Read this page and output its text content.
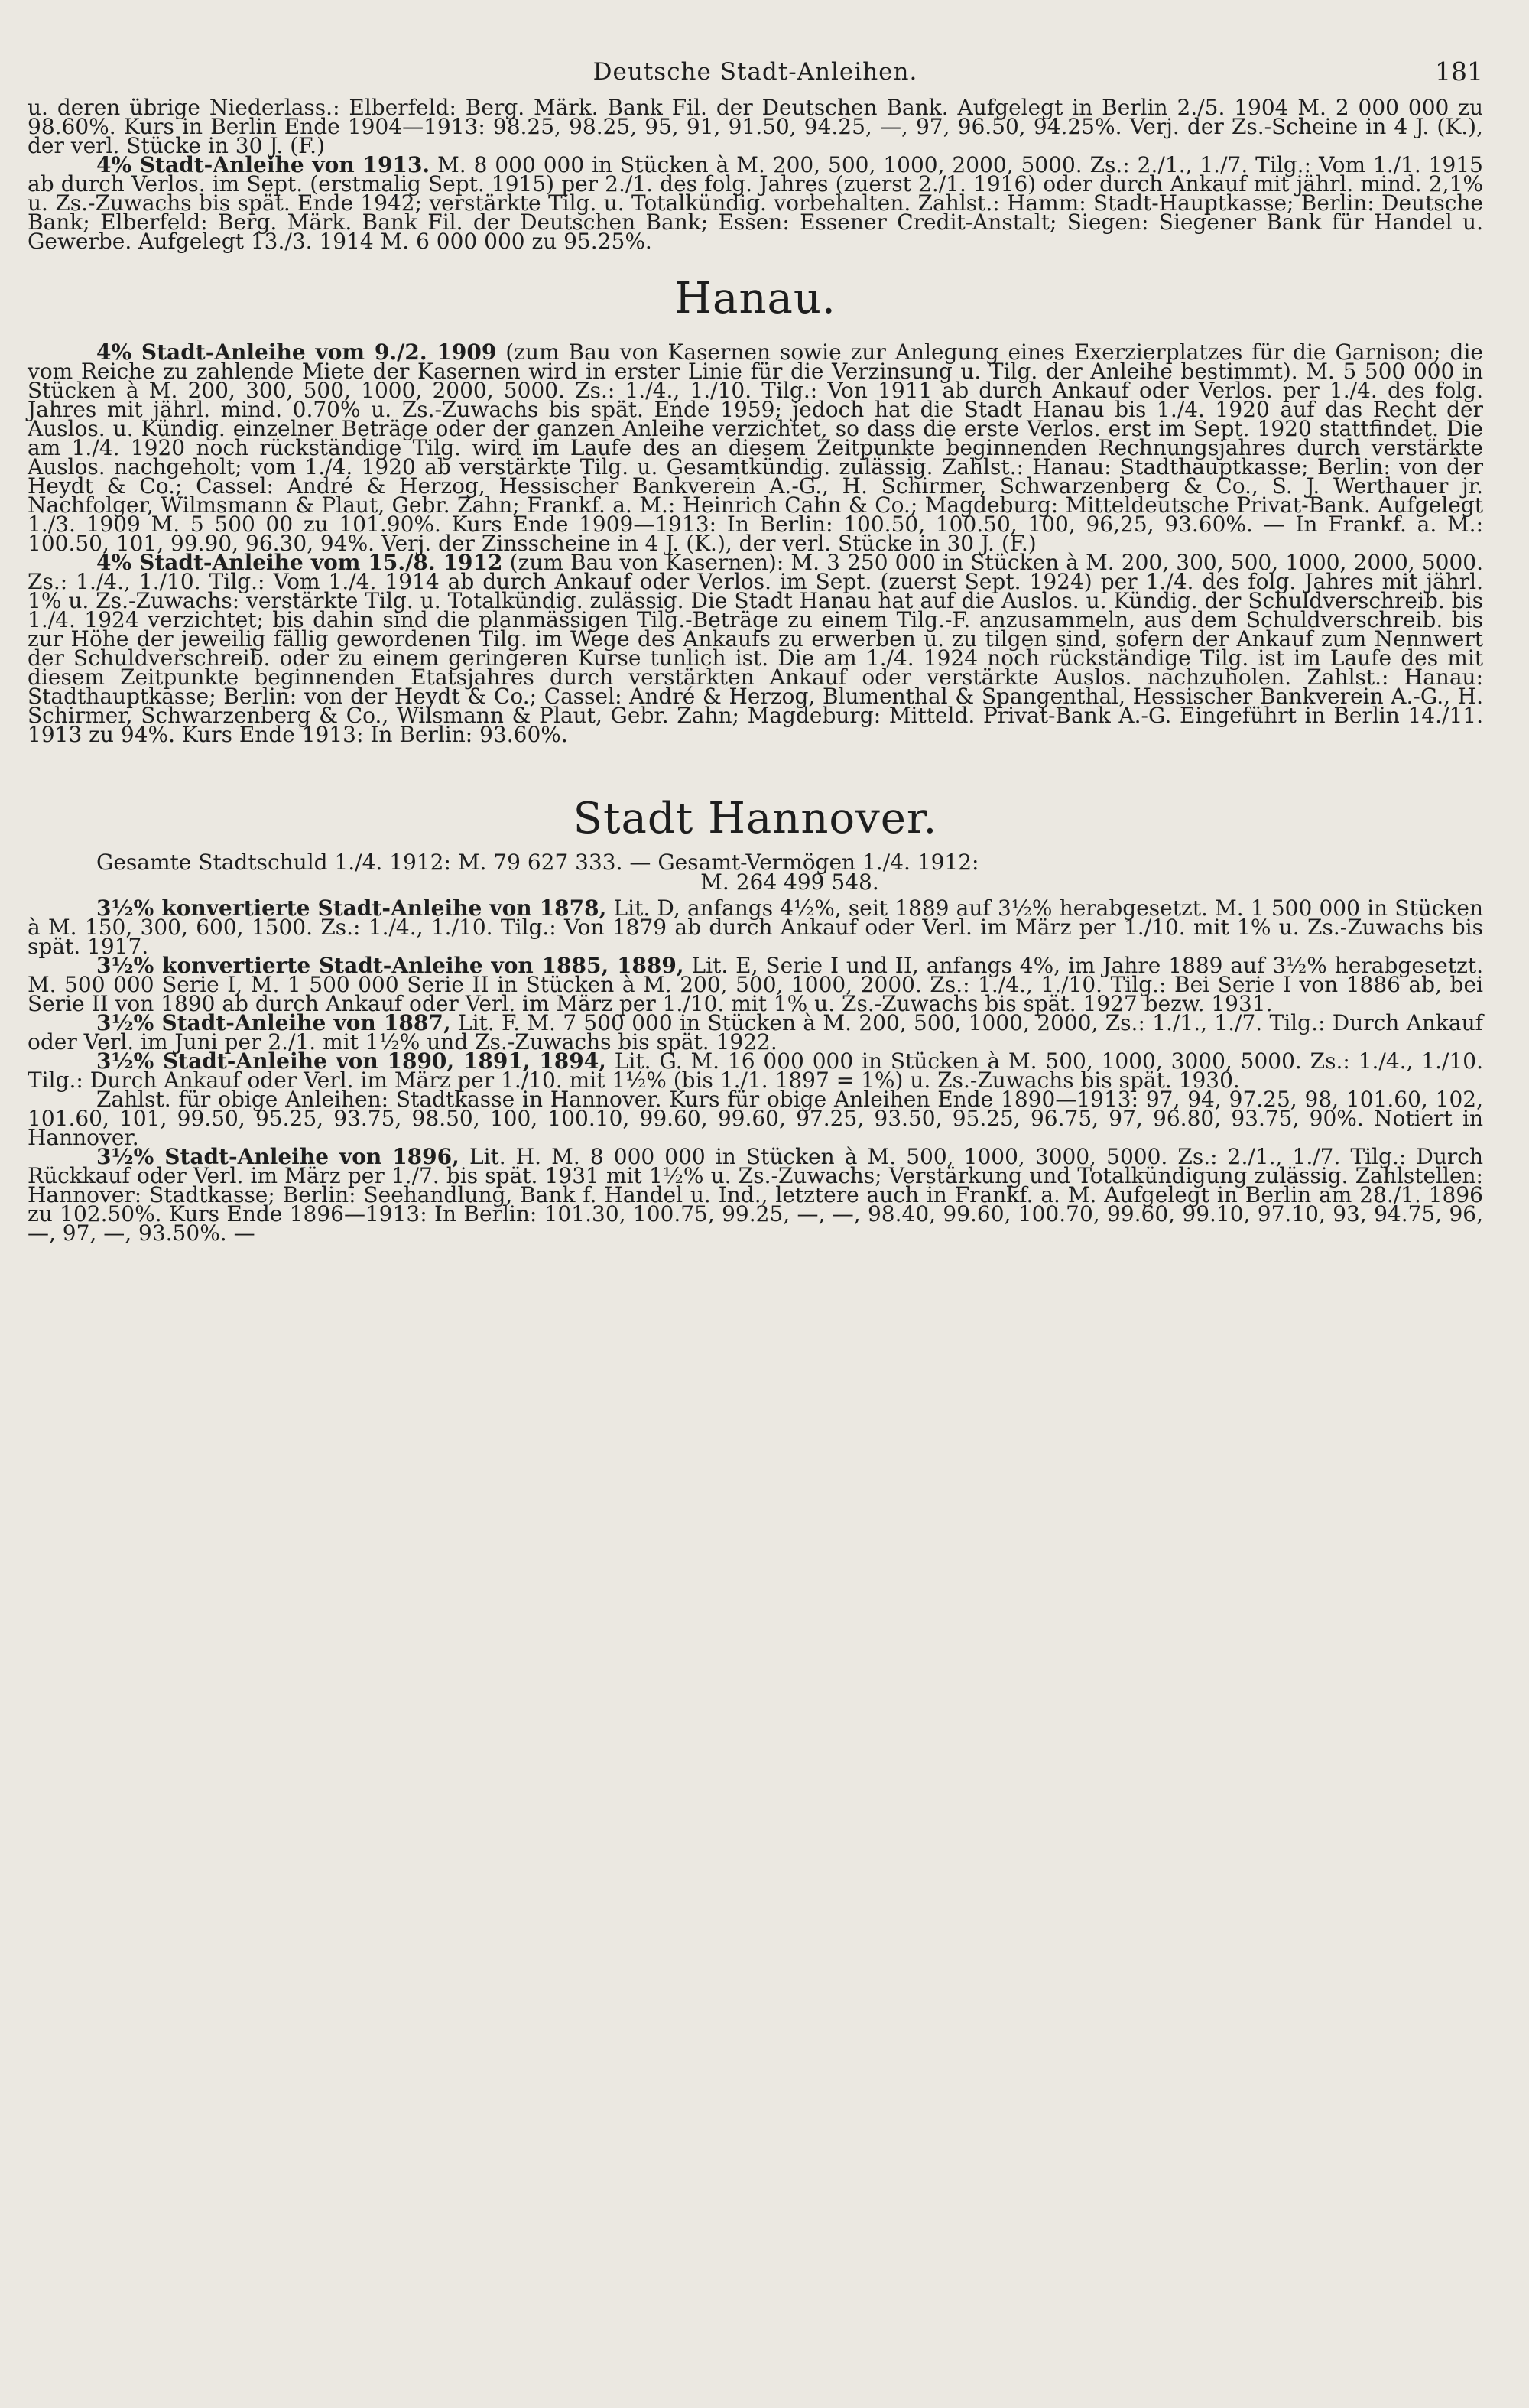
Deutsche Stadt-Anleihen.	181

u. deren übrige Niederlass.: Elberfeld: Berg. Märk. Bank Fil. der Deutschen Bank. Aufgelegt in Berlin 2./5. 1904 M. 2 000 000 zu 98.60%. Kurs in Berlin Ende 1904—1913: 98.25, 98.25, 95, 91, 91.50, 94.25, —, 97, 96.50, 94.25%. Verj. der Zs.-Scheine in 4 J. (K.), der verl. Stücke in 30 J. (F.)

4% Stadt-Anleihe von 1913. M. 8 000 000 in Stücken à M. 200, 500, 1000, 2000, 5000. Zs.: 2./1., 1./7. Tilg.: Vom 1./1. 1915 ab durch Verlos. im Sept. (erstmalig Sept. 1915) per 2./1. des folg. Jahres (zuerst 2./1. 1916) oder durch Ankauf mit jährl. mind. 2,1% u. Zs.-Zuwachs bis spät. Ende 1942; verstärkte Tilg. u. Totalkündig. vorbehalten. Zahlst.: Hamm: Stadt-Hauptkasse; Berlin: Deutsche Bank; Elberfeld: Berg. Märk. Bank Fil. der Deutschen Bank; Essen: Essener Credit-Anstalt; Siegen: Siegener Bank für Handel u. Gewerbe. Aufgelegt 13./3. 1914 M. 6 000 000 zu 95.25%.

Hanau.

4% Stadt-Anleihe vom 9./2. 1909 (zum Bau von Kasernen sowie zur Anlegung eines Exerzierplatzes für die Garnison; die vom Reiche zu zahlende Miete der Kasernen wird in erster Linie für die Verzinsung u. Tilg. der Anleihe bestimmt). M. 5 500 000 in Stücken à M. 200, 300, 500, 1000, 2000, 5000. Zs.: 1./4., 1./10. Tilg.: Von 1911 ab durch Ankauf oder Verlos. per 1./4. des folg. Jahres mit jährl. mind. 0.70% u. Zs.-Zuwachs bis spät. Ende 1959; jedoch hat die Stadt Hanau bis 1./4. 1920 auf das Recht der Auslos. u. Kündig. einzelner Beträge oder der ganzen Anleihe verzichtet, so dass die erste Verlos. erst im Sept. 1920 stattfindet. Die am 1./4. 1920 noch rückständige Tilg. wird im Laufe des an diesem Zeitpunkte beginnenden Rechnungsjahres durch verstärkte Auslos. nachgeholt; vom 1./4. 1920 ab verstärkte Tilg. u. Gesamtkündig. zulässig. Zahlst.: Hanau: Stadthauptkasse; Berlin: von der Heydt & Co.; Cassel: André & Herzog, Hessischer Bankverein A.-G., H. Schirmer, Schwarzenberg & Co., S. J. Werthauer jr. Nachfolger, Wilmsmann & Plaut, Gebr. Zahn; Frankf. a. M.: Heinrich Cahn & Co.; Magdeburg: Mitteldeutsche Privat-Bank. Aufgelegt 1./3. 1909 M. 5 500 00 zu 101.90%. Kurs Ende 1909—1913: In Berlin: 100.50, 100.50, 100, 96,25, 93.60%. — In Frankf. a. M.: 100.50, 101, 99.90, 96.30, 94%. Verj. der Zinsscheine in 4 J. (K.), der verl. Stücke in 30 J. (F.)

4% Stadt-Anleihe vom 15./8. 1912 (zum Bau von Kasernen): M. 3 250 000 in Stücken à M. 200, 300, 500, 1000, 2000, 5000. Zs.: 1./4., 1./10. Tilg.: Vom 1./4. 1914 ab durch Ankauf oder Verlos. im Sept. (zuerst Sept. 1924) per 1./4. des folg. Jahres mit jährl. 1% u. Zs.-Zuwachs: verstärkte Tilg. u. Totalkündig. zulässig. Die Stadt Hanau hat auf die Auslos. u. Kündig. der Schuldverschreib. bis 1./4. 1924 verzichtet; bis dahin sind die planmässigen Tilg.-Beträge zu einem Tilg.-F. anzusammeln, aus dem Schuldverschreib. bis zur Höhe der jeweilig fällig gewordenen Tilg. im Wege des Ankaufs zu erwerben u. zu tilgen sind, sofern der Ankauf zum Nennwert der Schuldverschreib. oder zu einem geringeren Kurse tunlich ist. Die am 1./4. 1924 noch rückständige Tilg. ist im Laufe des mit diesem Zeitpunkte beginnenden Etatsjahres durch verstärkten Ankauf oder verstärkte Auslos. nachzuholen. Zahlst.: Hanau: Stadthauptkasse; Berlin: von der Heydt & Co.; Cassel: André & Herzog, Blumenthal & Spangenthal, Hessischer Bankverein A.-G., H. Schirmer, Schwarzenberg & Co., Wilsmann & Plaut, Gebr. Zahn; Magdeburg: Mitteld. Privat-Bank A.-G. Eingeführt in Berlin 14./11. 1913 zu 94%. Kurs Ende 1913: In Berlin: 93.60%.

Stadt Hannover.
Gesamte Stadtschuld 1./4. 1912: M. 79 627 333. — Gesamt-Vermögen 1./4. 1912:
M. 264 499 548.

3½% konvertierte Stadt-Anleihe von 1878, Lit. D, anfangs 4½%, seit 1889 auf 3½% herabgesetzt. M. 1 500 000 in Stücken à M. 150, 300, 600, 1500. Zs.: 1./4., 1./10. Tilg.: Von 1879 ab durch Ankauf oder Verl. im März per 1./10. mit 1% u. Zs.-Zuwachs bis spät. 1917.

3½% konvertierte Stadt-Anleihe von 1885, 1889, Lit. E, Serie I und II, anfangs 4%, im Jahre 1889 auf 3½% herabgesetzt. M. 500 000 Serie I, M. 1 500 000 Serie II in Stücken à M. 200, 500, 1000, 2000. Zs.: 1./4., 1./10. Tilg.: Bei Serie I von 1886 ab, bei Serie II von 1890 ab durch Ankauf oder Verl. im März per 1./10. mit 1% u. Zs.-Zuwachs bis spät. 1927 bezw. 1931.

3½% Stadt-Anleihe von 1887, Lit. F. M. 7 500 000 in Stücken à M. 200, 500, 1000, 2000, Zs.: 1./1., 1./7. Tilg.: Durch Ankauf oder Verl. im Juni per 2./1. mit 1½% und Zs.-Zuwachs bis spät. 1922.

3½% Stadt-Anleihe von 1890, 1891, 1894, Lit. G. M. 16 000 000 in Stücken à M. 500, 1000, 3000, 5000. Zs.: 1./4., 1./10. Tilg.: Durch Ankauf oder Verl. im März per 1./10. mit 1½% (bis 1./1. 1897 = 1%) u. Zs.-Zuwachs bis spät. 1930.

Zahlst. für obige Anleihen: Stadtkasse in Hannover. Kurs für obige Anleihen Ende 1890—1913: 97, 94, 97.25, 98, 101.60, 102, 101.60, 101, 99.50, 95.25, 93.75, 98.50, 100, 100.10, 99.60, 99.60, 97.25, 93.50, 95.25, 96.75, 97, 96.80, 93.75, 90%. Notiert in Hannover.

3½% Stadt-Anleihe von 1896, Lit. H. M. 8 000 000 in Stücken à M. 500, 1000, 3000, 5000. Zs.: 2./1., 1./7. Tilg.: Durch Rückkauf oder Verl. im März per 1./7. bis spät. 1931 mit 1½% u. Zs.-Zuwachs; Verstärkung und Totalkündigung zulässig. Zahlstellen: Hannover: Stadtkasse; Berlin: Seehandlung, Bank f. Handel u. Ind., letztere auch in Frankf. a. M. Aufgelegt in Berlin am 28./1. 1896 zu 102.50%. Kurs Ende 1896—1913: In Berlin: 101.30, 100.75, 99.25, —, —, 98.40, 99.60, 100.70, 99.60, 99.10, 97.10, 93, 94.75, 96, —, 97, —, 93.50%. —
